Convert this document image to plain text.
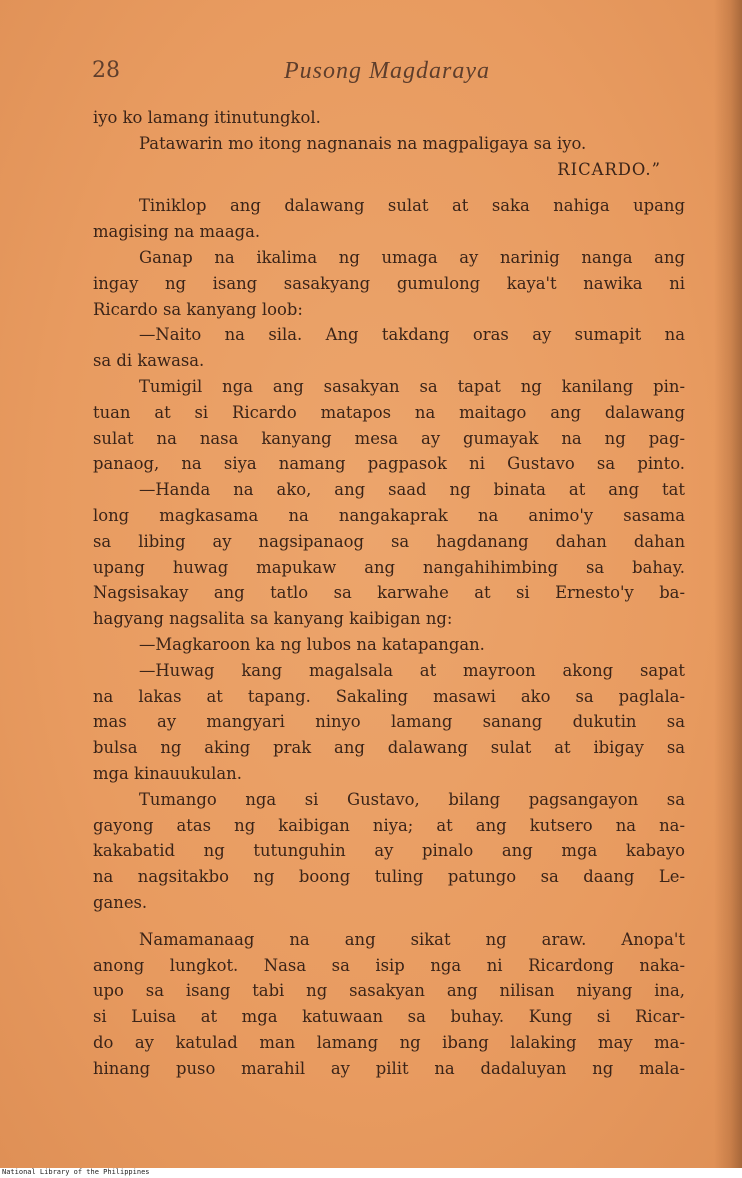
28	Pusong Magdaraya
iyo ko lamang itinutungkol.
Patawarin mo itong nagnanais na magpaligaya sa iyo.
RICARDO.”
Tiniklop ang dalawang sulat at saka nahiga upang
magising na maaga.
Ganap na ikalima ng umaga ay narinig nanga ang
ingay ng isang sasakyang gumulong kaya't nawika ni
Ricardo sa kanyang loob:
—Naito na sila. Ang takdang oras ay sumapit na
sa di kawasa.
Tumigil nga ang sasakyan sa tapat ng kanilang pin-
tuan at si Ricardo matapos na maitago ang dalawang
sulat na nasa kanyang mesa ay gumayak na ng pag-
panaog, na siya namang pagpasok ni Gustavo sa pinto.
—Handa na ako, ang saad ng binata at ang tat
long magkasama na nangakaprak na animo'y sasama
sa libing ay nagsipanaog sa hagdanang dahan dahan
upang huwag mapukaw ang nangahihimbing sa bahay.
Nagsisakay ang tatlo sa karwahe at si Ernesto'y ba-
hagyang nagsalita sa kanyang kaibigan ng:
—Magkaroon ka ng lubos na katapangan.
—Huwag kang magalsala at mayroon akong sapat
na lakas at tapang. Sakaling masawi ako sa paglala-
mas ay mangyari ninyo lamang sanang dukutin sa
bulsa ng aking prak ang dalawang sulat at ibigay sa
mga kinauukulan.
Tumango nga si Gustavo, bilang pagsangayon sa
gayong atas ng kaibigan niya; at ang kutsero na na-
kakabatid ng tutunguhin ay pinalo ang mga kabayo
na nagsitakbo ng boong tuling patungo sa daang Le-
ganes.
Namamanaag na ang sikat ng araw. Anopa't
anong lungkot. Nasa sa isip nga ni Ricardong naka-
upo sa isang tabi ng sasakyan ang nilisan niyang ina,
si Luisa at mga katuwaan sa buhay. Kung si Ricar-
do ay katulad man lamang ng ibang lalaking may ma-
hinang puso marahil ay pilit na dadaluyan ng mala-
National Library of the Philippines
